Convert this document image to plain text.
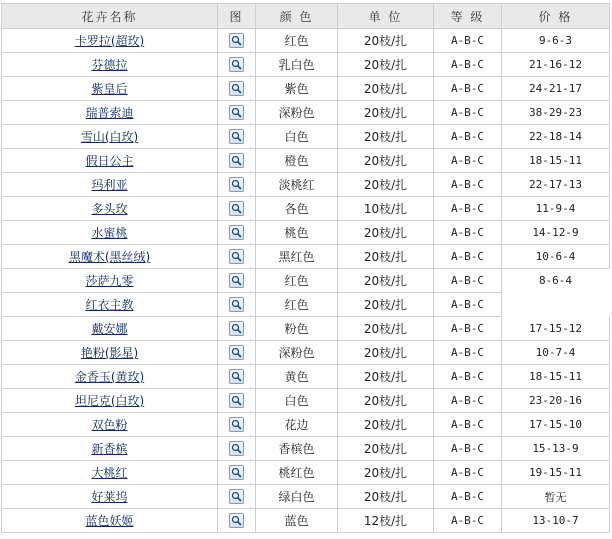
花卉名称	图	颜 色	单 位	等 级	价 格
卡罗拉(超玫)		红色	20枝/扎	A-B-C	9-6-3
芬德拉		乳白色	20枝/扎	A-B-C	21-16-12
紫皇后		紫色	20枝/扎	A-B-C	24-21-17
瑞普索迪		深粉色	20枝/扎	A-B-C	38-29-23
雪山(白玫)		白色	20枝/扎	A-B-C	22-18-14
假日公主		橙色	20枝/扎	A-B-C	18-15-11
玛利亚		淡桃红	20枝/扎	A-B-C	22-17-13
多头玫		各色	10枝/扎	A-B-C	11-9-4
水蜜桃		桃色	20枝/扎	A-B-C	14-12-9
黑魔术(黑丝绒)		黑红色	20枝/扎	A-B-C	10-6-4
莎萨九零		红色	20枝/扎	A-B-C	8-6-4
红衣主教		红色	20枝/扎	A-B-C	
戴安娜		粉色	20枝/扎	A-B-C	17-15-12
艳粉(影星)		深粉色	20枝/扎	A-B-C	10-7-4
金香玉(黄玫)		黄色	20枝/扎	A-B-C	18-15-11
坦尼克(白玫)		白色	20枝/扎	A-B-C	23-20-16
双色粉		花边	20枝/扎	A-B-C	17-15-10
新香槟		香槟色	20枝/扎	A-B-C	15-13-9
大桃红		桃红色	20枝/扎	A-B-C	19-15-11
好莱坞		绿白色	20枝/扎	A-B-C	暂无
蓝色妖姬		蓝色	12枝/扎	A-B-C	13-10-7
